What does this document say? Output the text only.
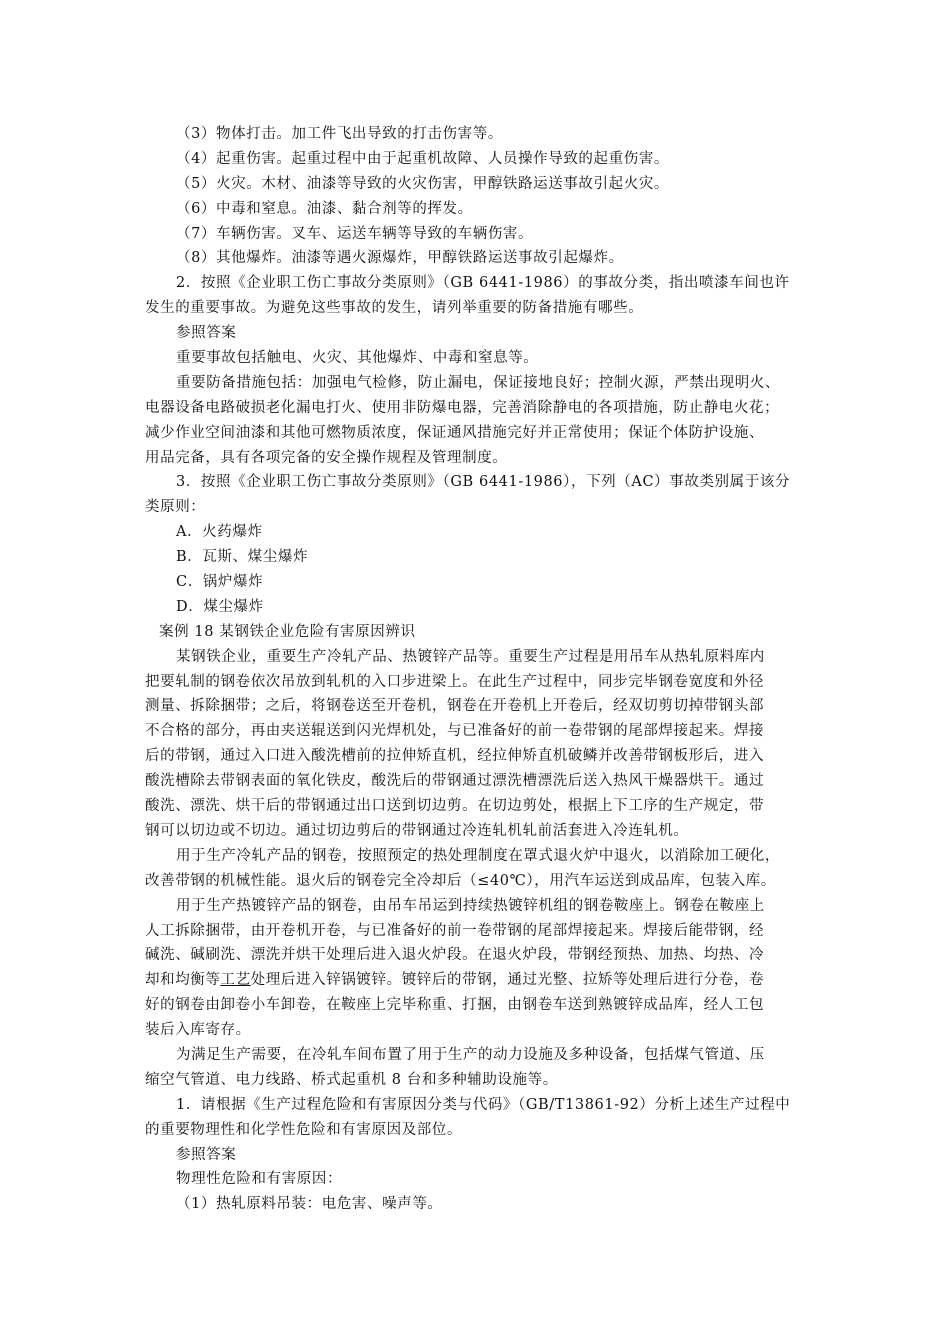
（3）物体打击。加工件飞出导致的打击伤害等。
（4）起重伤害。起重过程中由于起重机故障、人员操作导致的起重伤害。
（5）火灾。木材、油漆等导致的火灾伤害，甲醇铁路运送事故引起火灾。
（6）中毒和窒息。油漆、黏合剂等的挥发。
（7）车辆伤害。叉车、运送车辆等导致的车辆伤害。
（8）其他爆炸。油漆等遇火源爆炸，甲醇铁路运送事故引起爆炸。
2．按照《企业职工伤亡事故分类原则》（GB 6441-1986）的事故分类，指出喷漆车间也许
发生的重要事故。为避免这些事故的发生，请列举重要的防备措施有哪些。
参照答案
重要事故包括触电、火灾、其他爆炸、中毒和窒息等。
重要防备措施包括：加强电气检修，防止漏电，保证接地良好；控制火源，严禁出现明火、
电器设备电路破损老化漏电打火、使用非防爆电器，完善消除静电的各项措施，防止静电火花；
减少作业空间油漆和其他可燃物质浓度，保证通风措施完好并正常使用；保证个体防护设施、
用品完备，具有各项完备的安全操作规程及管理制度。
3．按照《企业职工伤亡事故分类原则》（GB 6441-1986），下列（AC）事故类别属于该分
类原则：
A．火药爆炸
B．瓦斯、煤尘爆炸
C．锅炉爆炸
D．煤尘爆炸
案例 18 某钢铁企业危险有害原因辨识
某钢铁企业，重要生产冷轧产品、热镀锌产品等。重要生产过程是用吊车从热轧原料库内
把要轧制的钢卷依次吊放到轧机的入口步进梁上。在此生产过程中，同步完毕钢卷宽度和外径
测量、拆除捆带；之后，将钢卷送至开卷机，钢卷在开卷机上开卷后，经双切剪切掉带钢头部
不合格的部分，再由夹送辊送到闪光焊机处，与已准备好的前一卷带钢的尾部焊接起来。焊接
后的带钢，通过入口进入酸洗槽前的拉伸矫直机，经拉伸矫直机破鳞并改善带钢板形后，进入
酸洗槽除去带钢表面的氧化铁皮，酸洗后的带钢通过漂洗槽漂洗后送入热风干燥器烘干。通过
酸洗、漂洗、烘干后的带钢通过出口送到切边剪。在切边剪处，根据上下工序的生产规定，带
钢可以切边或不切边。通过切边剪后的带钢通过冷连轧机轧前活套进入冷连轧机。
用于生产冷轧产品的钢卷，按照预定的热处理制度在罩式退火炉中退火，以消除加工硬化，
改善带钢的机械性能。退火后的钢卷完全冷却后（≤40℃），用汽车运送到成品库，包装入库。
用于生产热镀锌产品的钢卷，由吊车吊运到持续热镀锌机组的钢卷鞍座上。钢卷在鞍座上
人工拆除捆带，由开卷机开卷，与已准备好的前一卷带钢的尾部焊接起来。焊接后能带钢，经
碱洗、碱刷洗、漂洗并烘干处理后进入退火炉段。在退火炉段，带钢经预热、加热、均热、冷
却和均衡等工艺处理后进入锌锅镀锌。镀锌后的带钢，通过光整、拉矫等处理后进行分卷，卷
好的钢卷由卸卷小车卸卷，在鞍座上完毕称重、打捆，由钢卷车送到熟镀锌成品库，经人工包
装后入库寄存。
为满足生产需要，在冷轧车间布置了用于生产的动力设施及多种设备，包括煤气管道、压
缩空气管道、电力线路、桥式起重机 8 台和多种辅助设施等。
1．请根据《生产过程危险和有害原因分类与代码》（GB/T13861-92）分析上述生产过程中
的重要物理性和化学性危险和有害原因及部位。
参照答案
物理性危险和有害原因：
（1）热轧原料吊装：电危害、噪声等。
